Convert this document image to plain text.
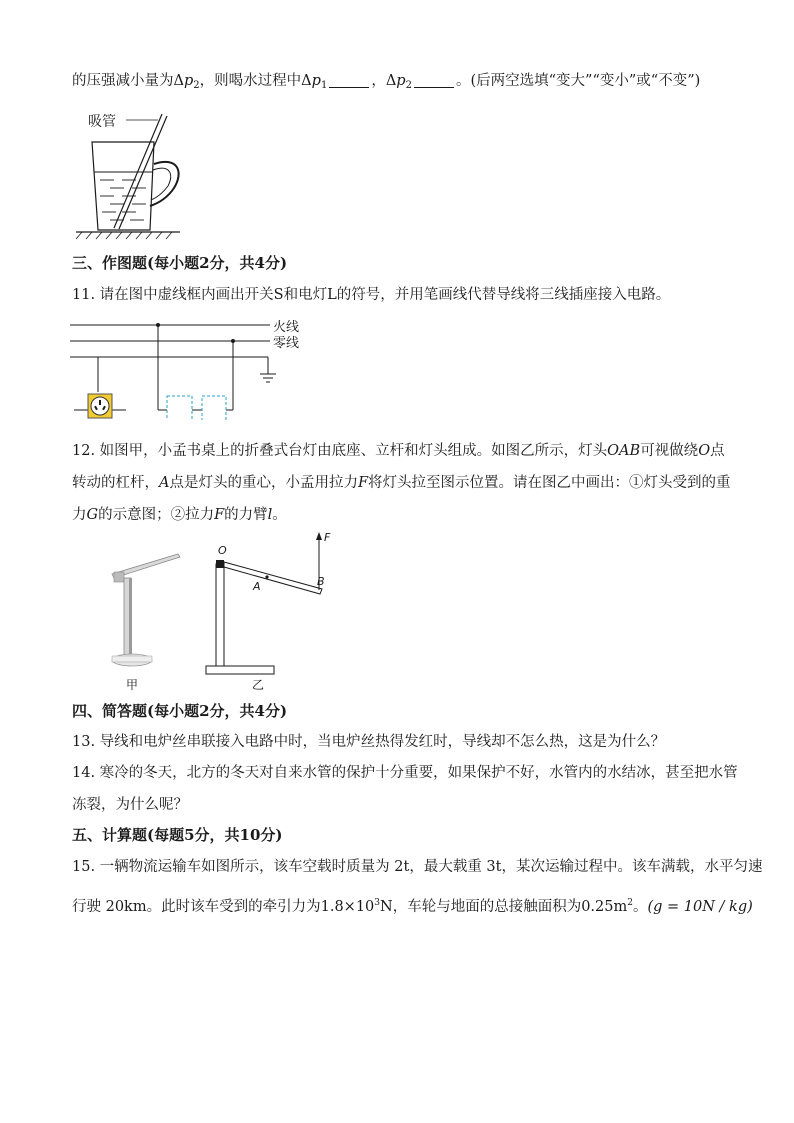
的压强减小量为$\Delta p_2$，则喝水过程中$\Delta p_1$	，$\Delta p_2$	。(后两空选填“变大”“变小”或“不变”)
吸管
三、作图题(每小题2分，共4分)
11. 请在图中虚线框内画出开关S和电灯L的符号，并用笔画线代替导线将三线插座接入电路。
火线
零线
12. 如图甲，小孟书桌上的折叠式台灯由底座、立杆和灯头组成。如图乙所示，灯头OAB可视做绕O点
转动的杠杆，A点是灯头的重心，小孟用拉力F将灯头拉至图示位置。请在图乙中画出：①灯头受到的重
力G的示意图；②拉力F的力臂l。
甲
O
A	B
F
乙
四、简答题(每小题2分，共4分)
13. 导线和电炉丝串联接入电路中时，当电炉丝热得发红时，导线却不怎么热，这是为什么？
14. 寒冷的冬天，北方的冬天对自来水管的保护十分重要，如果保护不好，水管内的水结冰，甚至把水管
冻裂，为什么呢？
五、计算题(每题5分，共10分)
15. 一辆物流运输车如图所示，该车空载时质量为 2t，最大载重 3t，某次运输过程中。该车满载，水平匀速
行驶 20km。此时该车受到的牵引力为$1.8\times 10^3N$，车轮与地面的总接触面积为$0.25m^2$。(g = 10N / kg)
